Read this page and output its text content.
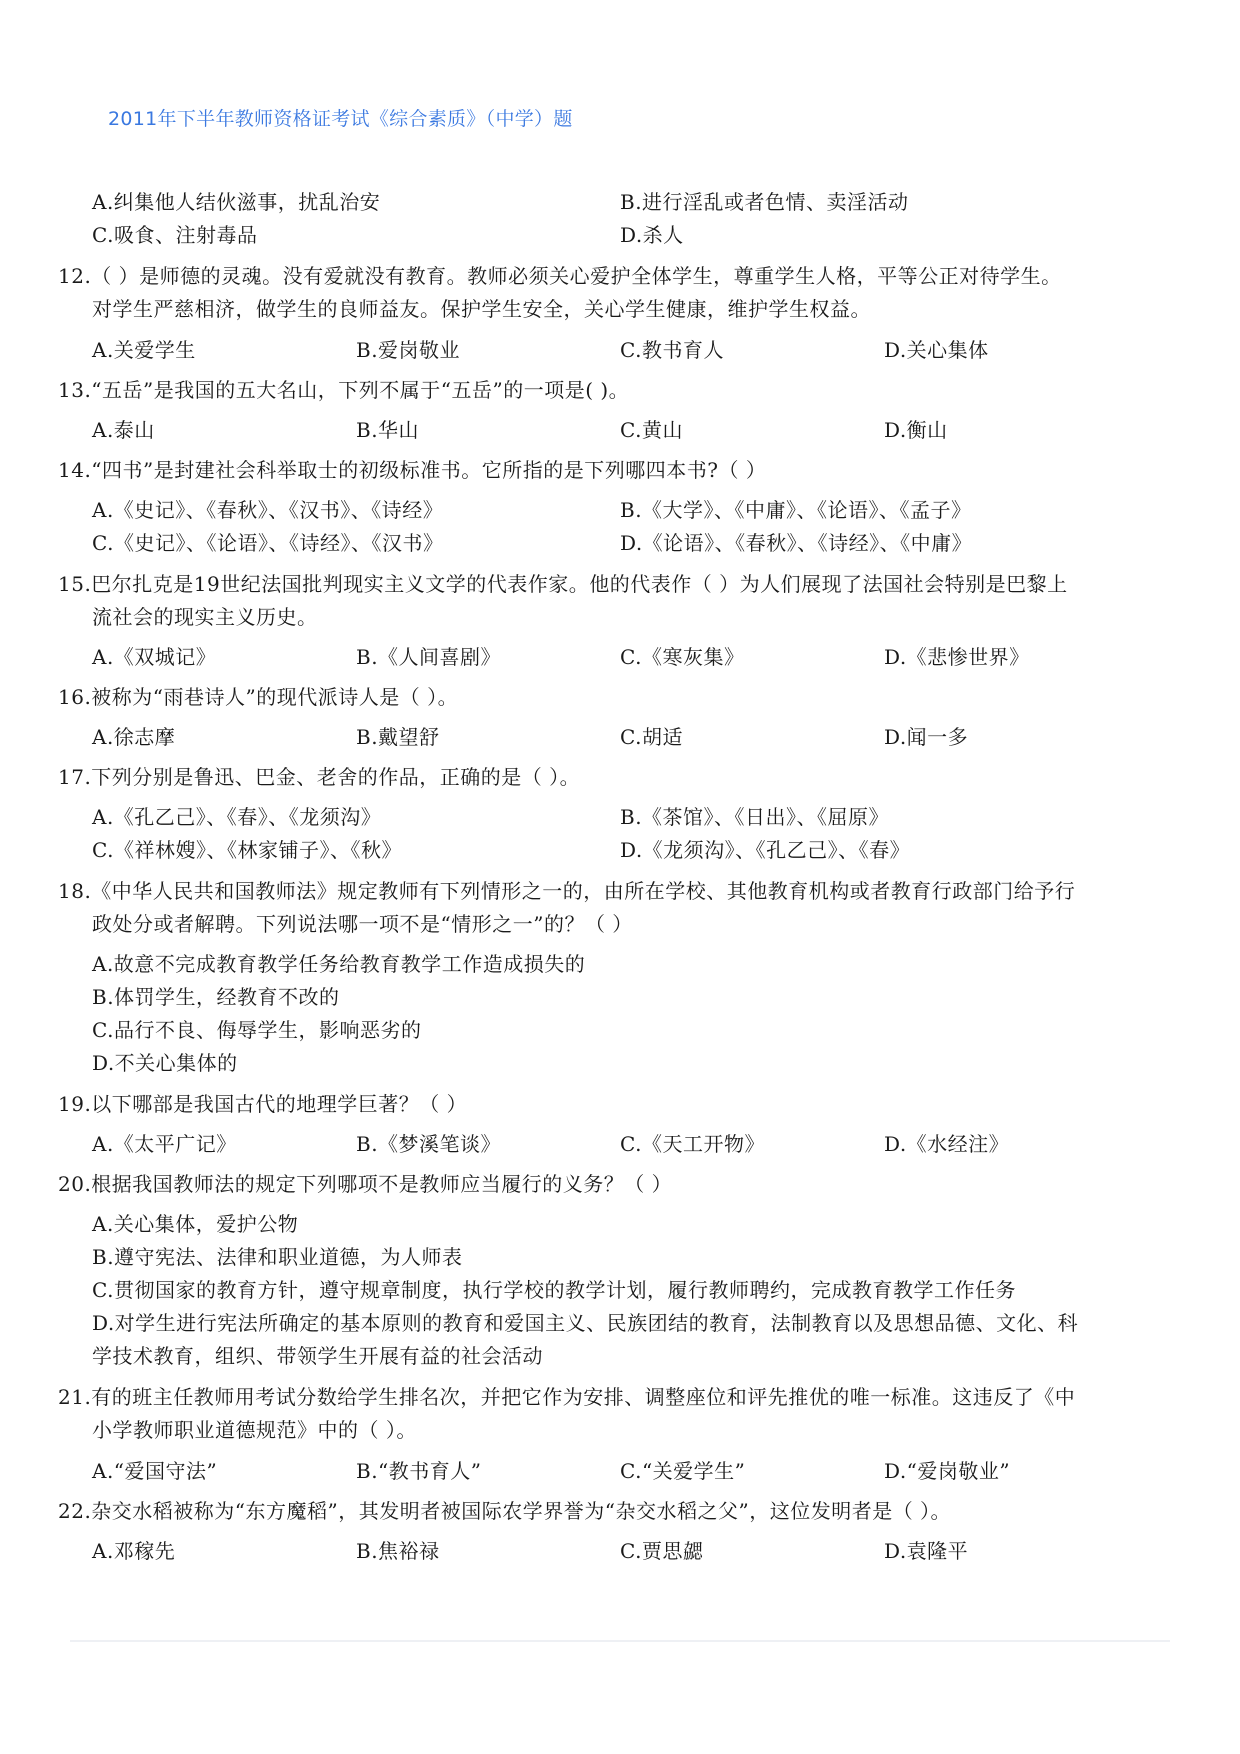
2011年下半年教师资格证考试《综合素质》（中学）题
A.纠集他人结伙滋事，扰乱治安	B.进行淫乱或者色情、卖淫活动
C.吸食、注射毒品	D.杀人
12.（ ）是师德的灵魂。没有爱就没有教育。教师必须关心爱护全体学生，尊重学生人格，平等公正对待学生。
对学生严慈相济，做学生的良师益友。保护学生安全，关心学生健康，维护学生权益。
A.关爱学生	B.爱岗敬业	C.教书育人	D.关心集体
13.“五岳”是我国的五大名山，下列不属于“五岳”的一项是( )。
A.泰山	B.华山	C.黄山	D.衡山
14.“四书”是封建社会科举取士的初级标准书。它所指的是下列哪四本书?（ ）
A.《史记》、《春秋》、《汉书》、《诗经》	B.《大学》、《中庸》、《论语》、《孟子》
C.《史记》、《论语》、《诗经》、《汉书》	D.《论语》、《春秋》、《诗经》、《中庸》
15.巴尔扎克是19世纪法国批判现实主义文学的代表作家。他的代表作（ ）为人们展现了法国社会特别是巴黎上
流社会的现实主义历史。
A.《双城记》	B.《人间喜剧》	C.《寒灰集》	D.《悲惨世界》
16.被称为“雨巷诗人”的现代派诗人是（ ）。
A.徐志摩	B.戴望舒	C.胡适	D.闻一多
17.下列分别是鲁迅、巴金、老舍的作品，正确的是（ ）。
A.《孔乙己》、《春》、《龙须沟》	B.《茶馆》、《日出》、《屈原》
C.《祥林嫂》、《林家铺子》、《秋》	D.《龙须沟》、《孔乙己》、《春》
18.《中华人民共和国教师法》规定教师有下列情形之一的，由所在学校、其他教育机构或者教育行政部门给予行
政处分或者解聘。下列说法哪一项不是“情形之一”的？（ ）
A.故意不完成教育教学任务给教育教学工作造成损失的
B.体罚学生，经教育不改的
C.品行不良、侮辱学生，影响恶劣的
D.不关心集体的
19.以下哪部是我国古代的地理学巨著？（ ）
A.《太平广记》	B.《梦溪笔谈》	C.《天工开物》	D.《水经注》
20.根据我国教师法的规定下列哪项不是教师应当履行的义务？（ ）
A.关心集体，爱护公物
B.遵守宪法、法律和职业道德，为人师表
C.贯彻国家的教育方针，遵守规章制度，执行学校的教学计划，履行教师聘约，完成教育教学工作任务
D.对学生进行宪法所确定的基本原则的教育和爱国主义、民族团结的教育，法制教育以及思想品德、文化、科
学技术教育，组织、带领学生开展有益的社会活动
21.有的班主任教师用考试分数给学生排名次，并把它作为安排、调整座位和评先推优的唯一标准。这违反了《中
小学教师职业道德规范》中的（ ）。
A.“爱国守法”	B.“教书育人”	C.“关爱学生”	D.“爱岗敬业”
22.杂交水稻被称为“东方魔稻”，其发明者被国际农学界誉为“杂交水稻之父”，这位发明者是（ ）。
A.邓稼先	B.焦裕禄	C.贾思勰	D.袁隆平
